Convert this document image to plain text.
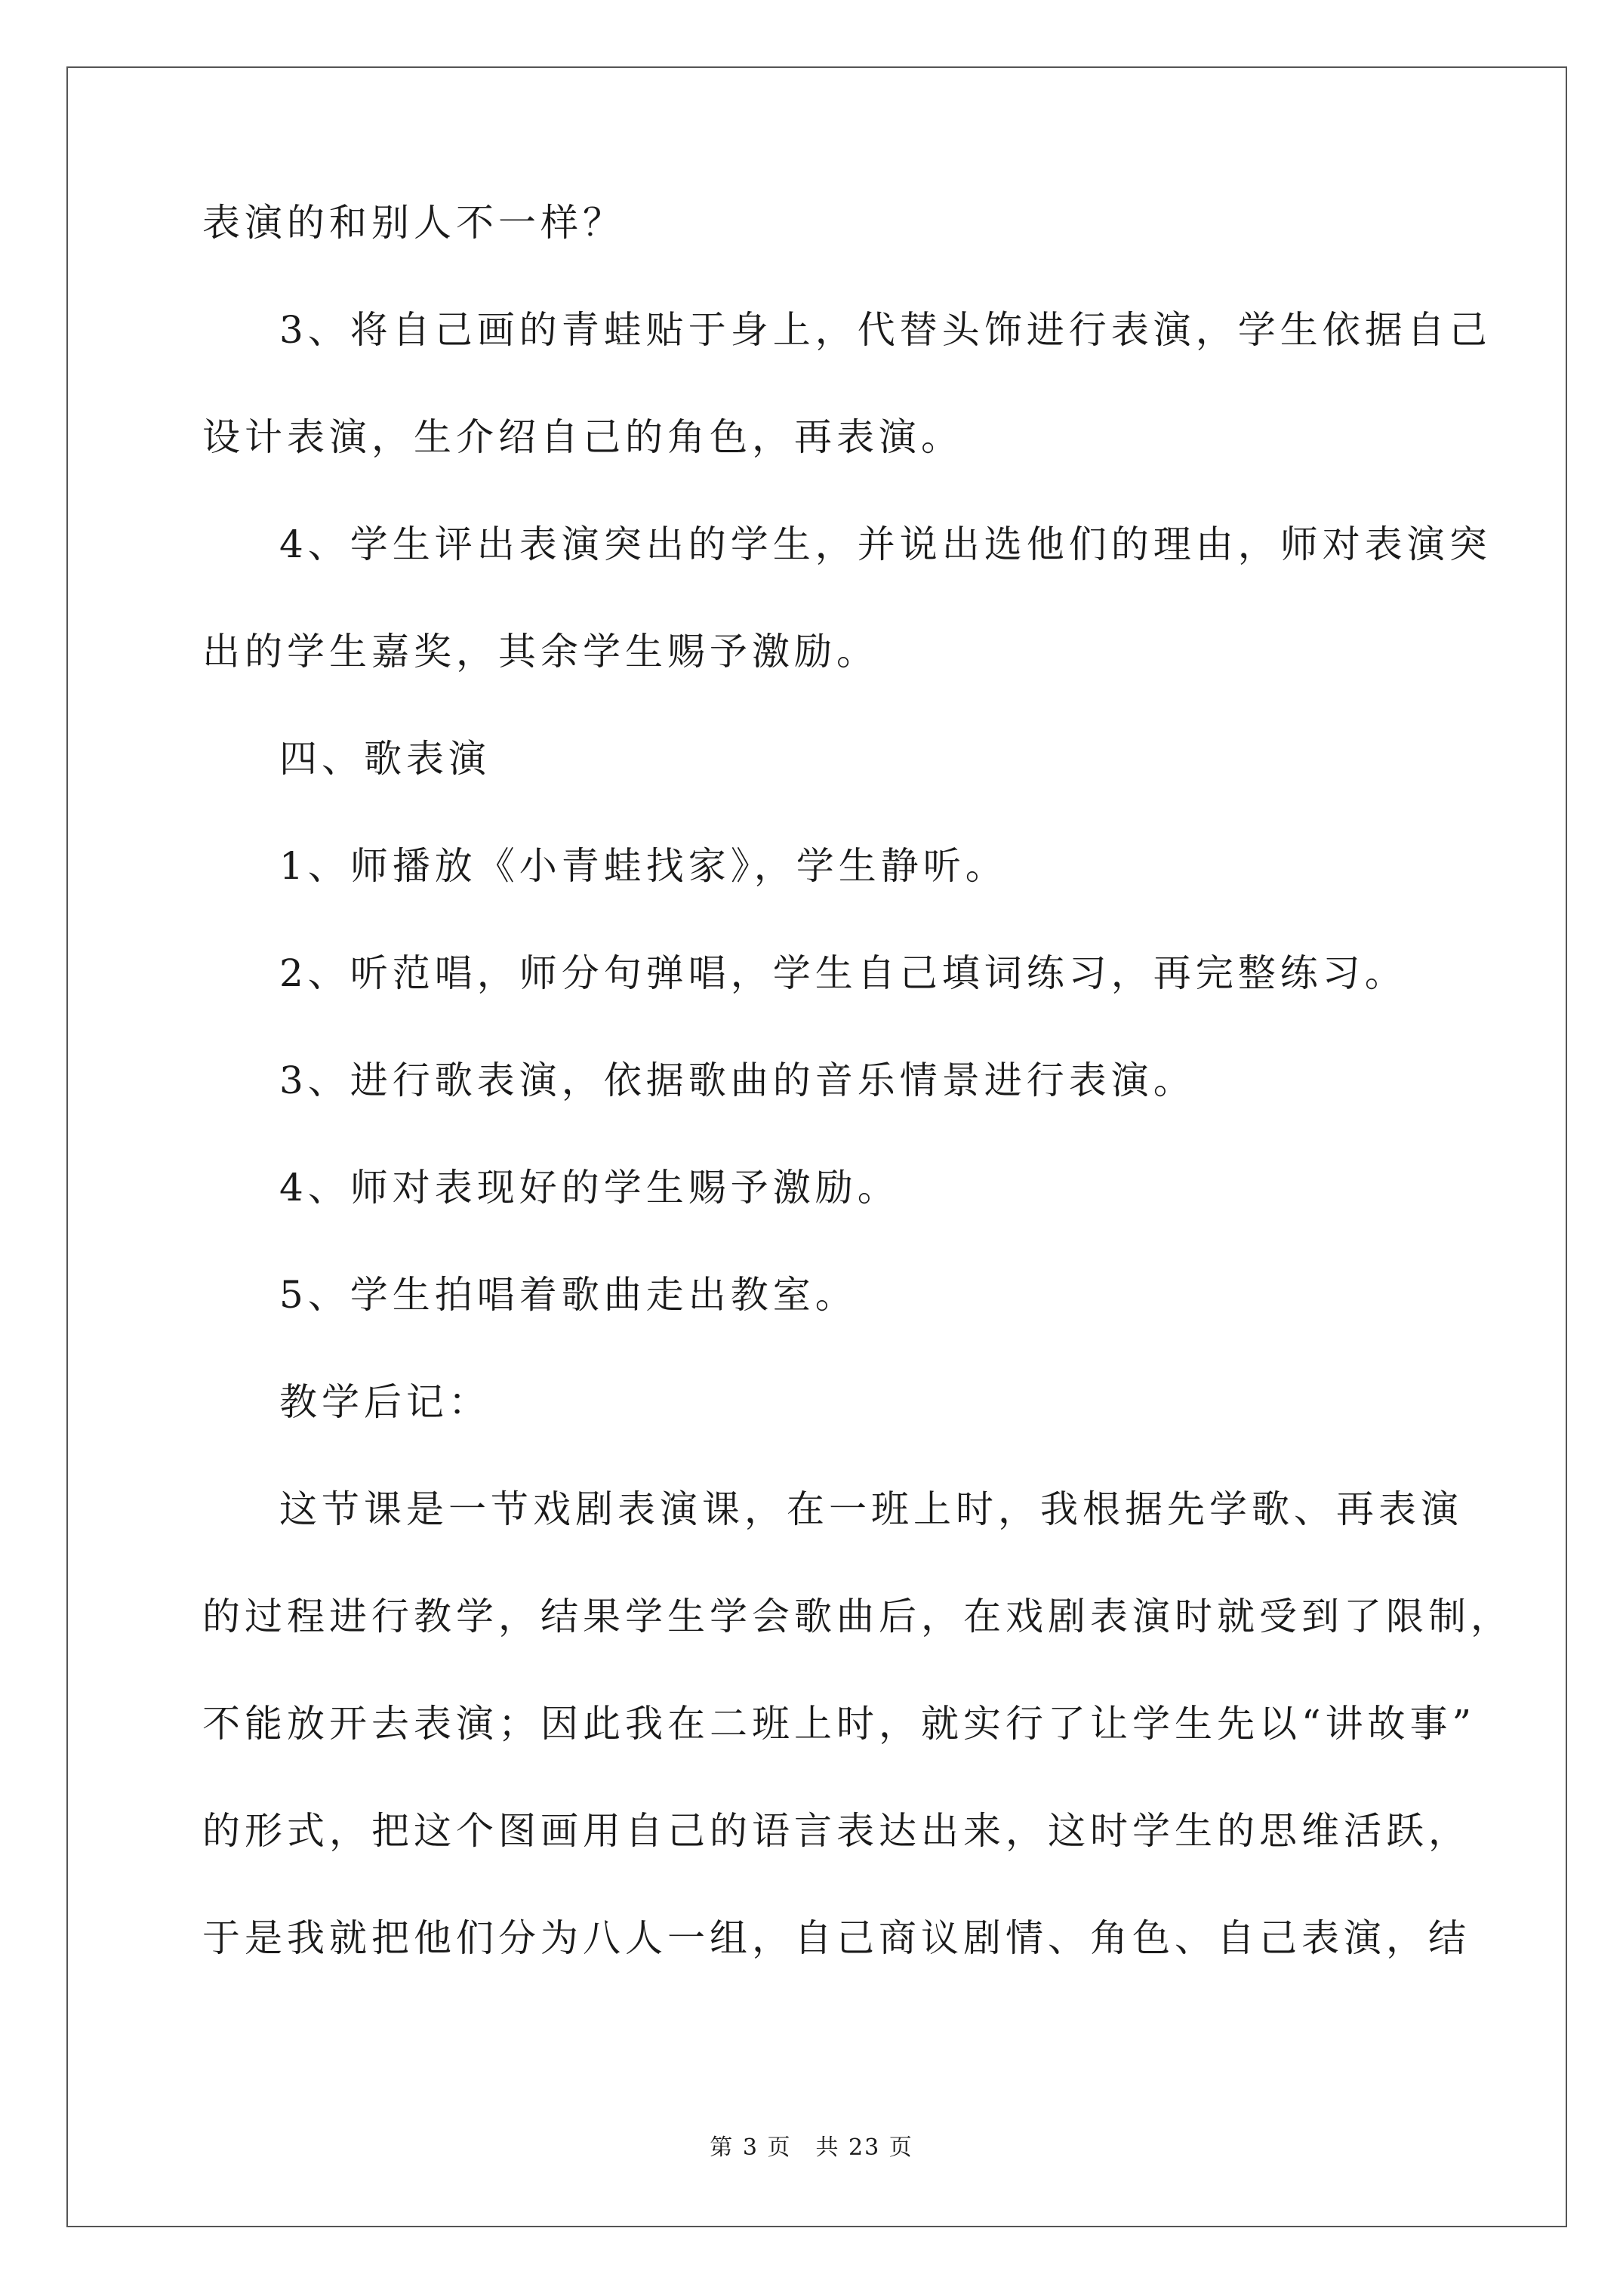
表演的和别人不一样？
3、将自己画的青蛙贴于身上，代替头饰进行表演，学生依据自己
设计表演，生介绍自己的角色，再表演。
4、学生评出表演突出的学生，并说出选他们的理由，师对表演突
出的学生嘉奖，其余学生赐予激励。
四、歌表演
1、师播放《小青蛙找家》，学生静听。
2、听范唱，师分句弹唱，学生自己填词练习，再完整练习。
3、进行歌表演，依据歌曲的音乐情景进行表演。
4、师对表现好的学生赐予激励。
5、学生拍唱着歌曲走出教室。
教学后记：
这节课是一节戏剧表演课，在一班上时，我根据先学歌、再表演
的过程进行教学，结果学生学会歌曲后，在戏剧表演时就受到了限制，
不能放开去表演；因此我在二班上时，就实行了让学生先以“讲故事”
的形式，把这个图画用自己的语言表达出来，这时学生的思维活跃，
于是我就把他们分为八人一组，自己商议剧情、角色、自己表演，结
第 3 页　共 23 页
